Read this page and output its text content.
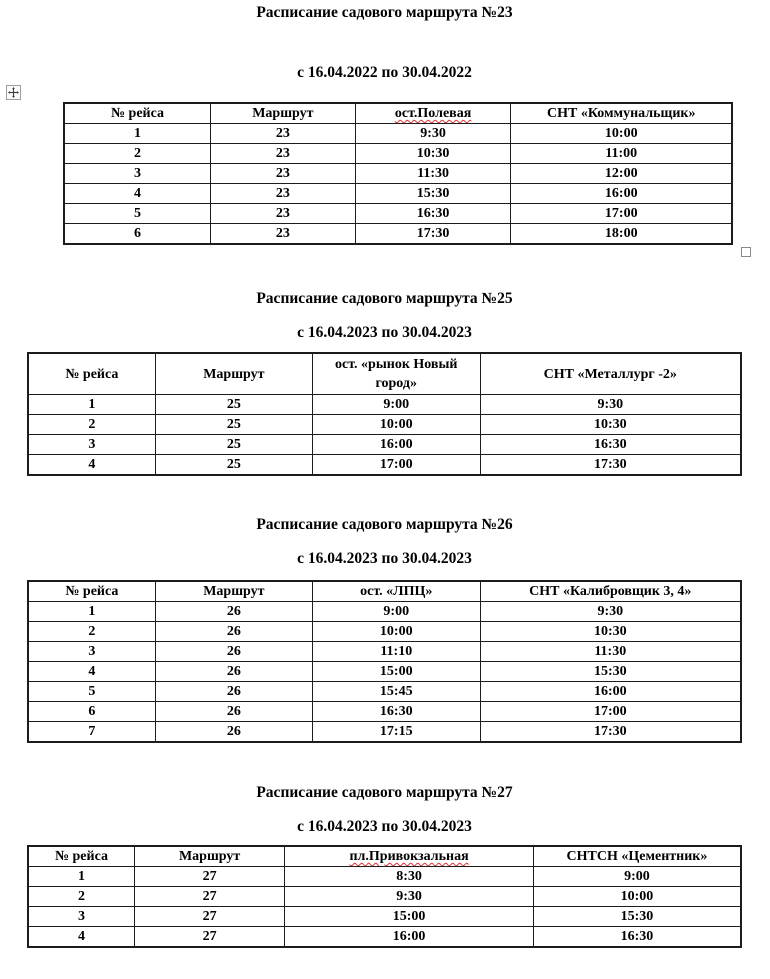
Расписание садового маршрута №23

с 16.04.2022 по 30.04.2022

№ рейса	Маршрут	ост.Полевая	СНТ «Коммунальщик»
1	23	9:30	10:00
2	23	10:30	11:00
3	23	11:30	12:00
4	23	15:30	16:00
5	23	16:30	17:00
6	23	17:30	18:00

Расписание садового маршрута №25

с 16.04.2023 по 30.04.2023

№ рейса	Маршрут	ост. «рынок Новый город»	СНТ «Металлург -2»
1	25	9:00	9:30
2	25	10:00	10:30
3	25	16:00	16:30
4	25	17:00	17:30

Расписание садового маршрута №26

с 16.04.2023 по 30.04.2023

№ рейса	Маршрут	ост. «ЛПЦ»	СНТ «Калибровщик 3, 4»
1	26	9:00	9:30
2	26	10:00	10:30
3	26	11:10	11:30
4	26	15:00	15:30
5	26	15:45	16:00
6	26	16:30	17:00
7	26	17:15	17:30

Расписание садового маршрута №27

с 16.04.2023 по 30.04.2023

№ рейса	Маршрут	пл.Привокзальная	СНТСН «Цементник»
1	27	8:30	9:00
2	27	9:30	10:00
3	27	15:00	15:30
4	27	16:00	16:30
